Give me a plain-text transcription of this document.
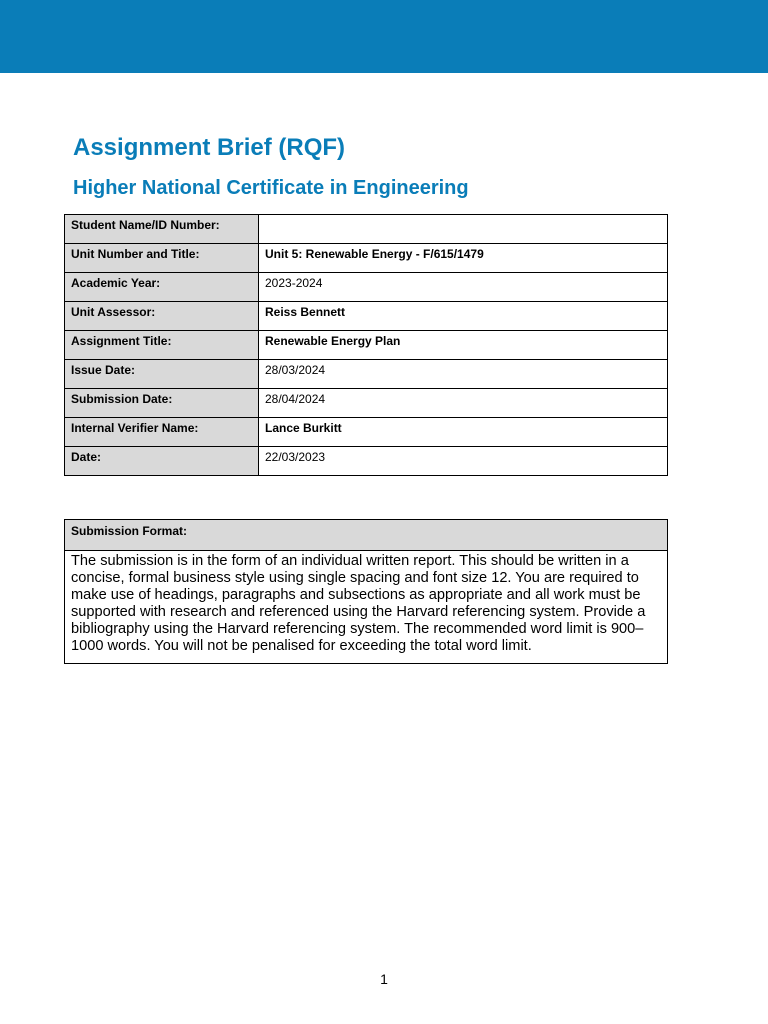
Assignment Brief (RQF)
Higher National Certificate in Engineering
Student Name/ID Number:	
Unit Number and Title:	Unit 5: Renewable Energy - F/615/1479
Academic Year:	2023-2024
Unit Assessor:	Reiss Bennett
Assignment Title:	Renewable Energy Plan
Issue Date:	28/03/2024
Submission Date:	28/04/2024
Internal Verifier Name:	Lance Burkitt
Date:	22/03/2023
Submission Format:
The submission is in the form of an individual written report. This should be written in a concise, formal business style using single spacing and font size 12. You are required to make use of headings, paragraphs and subsections as appropriate and all work must be supported with research and referenced using the Harvard referencing system. Provide a bibliography using the Harvard referencing system. The recommended word limit is 900–1000 words. You will not be penalised for exceeding the total word limit.
1
